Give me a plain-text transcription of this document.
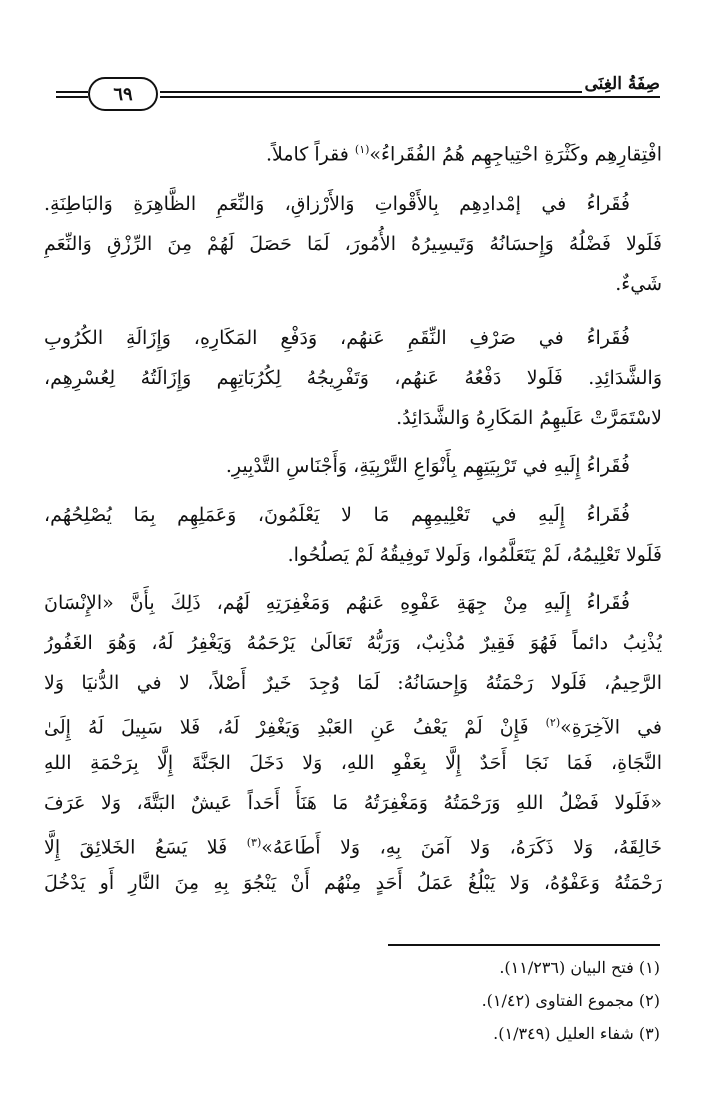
صِفَةُ الغِنَى
٦٩
افْتِقارِهِم وكَثْرَةِ احْتِياجِهِم هُمُ الفُقَراءُ»$^{(١)}$ فقراً كاملاً.
فُقَراءُ في إمْدادِهِم بِالأَقْواتِ وَالأَرْزاقِ، وَالنِّعَمِ الظَّاهِرَةِ وَالبَاطِنَةِ.
فَلَولا فَضْلُهُ وَإِحسَانُهُ وَتَيسِيرُهُ الأُمُورَ، لَمَا حَصَلَ لَهُمْ مِنَ الرِّزْقِ وَالنِّعَمِ
شَيءٌ.
فُقَراءُ في صَرْفِ النِّقَمِ عَنهُم، وَدَفْعِ المَكَارِهِ، وَإِزَالَةِ الكُرُوبِ
وَالشَّدَائِدِ. فَلَولا دَفْعُهُ عَنهُم، وَتَفْرِيجُهُ لِكُرُبَاتِهِم وَإِزَالَتُهُ لِعُسْرِهِم،
لاسْتَمَرَّتْ عَلَيهِمُ المَكَارِهُ وَالشَّدَائِدُ.
فُقَراءُ إِلَيهِ في تَرْبِيَتِهِم بِأَنْوَاعِ التَّرْبِيَةِ، وَأَجْنَاسِ التَّدْبِيرِ.
فُقَراءُ إِلَيهِ في تَعْلِيمِهِم مَا لا يَعْلَمُونَ، وَعَمَلِهِم بِمَا يُصْلِحُهُم،
فَلَولا تَعْلِيمُهُ، لَمْ يَتَعَلَّمُوا، وَلَولا تَوفِيقُهُ لَمْ يَصلُحُوا.
فُقَراءُ إِلَيهِ مِنْ جِهَةِ عَفْوِهِ عَنهُم وَمَغْفِرَتِهِ لَهُم، ذَلِكَ بِأَنَّ «الإِنْسَانَ
يُذْنِبُ دائماً فَهُوَ فَقِيرٌ مُذْنِبٌ، وَرَبُّهُ تَعَالَىٰ يَرْحَمُهُ وَيَغْفِرُ لَهُ، وَهُوَ الغَفُورُ
الرَّحِيمُ، فَلَولا رَحْمَتُهُ وَإِحسَانُهُ: لَمَا وُجِدَ خَيرٌ أَصْلاً، لا في الدُّنيَا وَلا
في الآخِرَةِ»$^{(٢)}$ فَإِنْ لَمْ يَعْفُ عَنِ العَبْدِ وَيَغْفِرْ لَهُ، فَلا سَبِيلَ لَهُ إِلَىٰ
النَّجَاةِ، فَمَا نَجَا أَحَدٌ إِلَّا بِعَفْوِ اللهِ، وَلا دَخَلَ الجَنَّةَ إِلَّا بِرَحْمَةِ اللهِ
«فَلَولا فَضْلُ اللهِ وَرَحْمَتُهُ وَمَغْفِرَتُهُ مَا هَنَأَ أَحَداً عَيشٌ البَتَّةَ، وَلا عَرَفَ
خَالِقَهُ، وَلا ذَكَرَهُ، وَلا آمَنَ بِهِ، وَلا أَطَاعَهُ»$^{(٣)}$ فَلا يَسَعُ الخَلائِقَ إِلَّا
رَحْمَتُهُ وَعَفْوُهُ، وَلا يَبْلُغُ عَمَلُ أَحَدٍ مِنْهُم أَنْ يَنْجُوَ بِهِ مِنَ النَّارِ أَو يَدْخُلَ
(١) فتح البيان (١١/٢٣٦).
(٢) مجموع الفتاوى (١/٤٢).
(٣) شفاء العليل (١/٣٤٩).
